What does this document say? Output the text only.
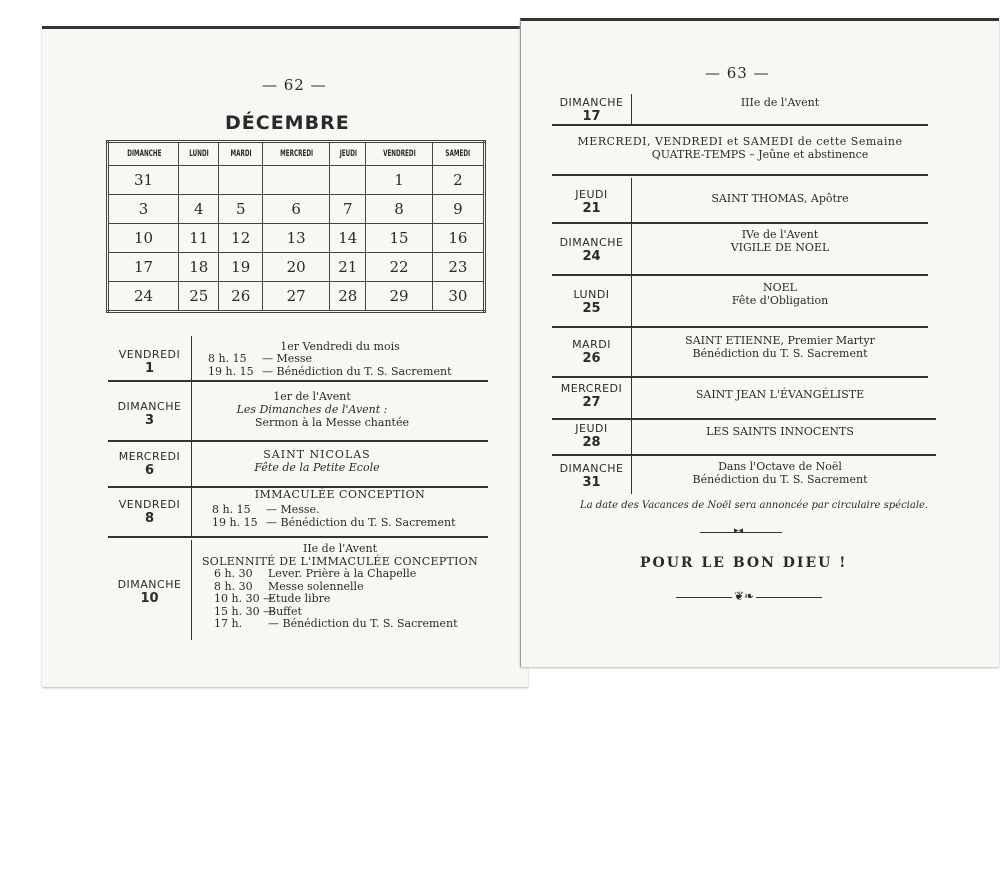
— 62 —
DÉCEMBRE
DIMANCHE	LUNDI	MARDI	MERCREDI	JEUDI	VENDREDI	SAMEDI
31					1	2
3	4	5	6	7	8	9
10	11	12	13	14	15	16
17	18	19	20	21	22	23
24	25	26	27	28	29	30
VENDREDI
1
1er Vendredi du mois
8 h. 15 — Messe
19 h. 15 — Bénédiction du T. S. Sacrement
DIMANCHE
3
1er de l'Avent
Les Dimanches de l'Avent :
Sermon à la Messe chantée
MERCREDI
6
SAINT NICOLAS
Fête de la Petite Ecole
VENDREDI
8
IMMACULÉE CONCEPTION
8 h. 15 — Messe.
19 h. 15 — Bénédiction du T. S. Sacrement
DIMANCHE
10
IIe de l'Avent
SOLENNITÉ DE L'IMMACULÉE CONCEPTION
6 h. 30 Lever. Prière à la Chapelle
8 h. 30 Messe solennelle
10 h. 30 —Etude libre
15 h. 30 —Buffet
17 h. — Bénédiction du T. S. Sacrement
— 63 —
DIMANCHE
17
IIIe de l'Avent
MERCREDI, VENDREDI et SAMEDI de cette Semaine
QUATRE-TEMPS – Jeûne et abstinence
JEUDI
21
SAINT THOMAS, Apôtre
DIMANCHE
24
IVe de l'Avent
VIGILE DE NOEL
LUNDI
25
NOEL
Fête d'Obligation
MARDI
26
SAINT ETIENNE, Premier Martyr
Bénédiction du T. S. Sacrement
MERCREDI
27
SAINT JEAN L'ÉVANGÉLISTE
JEUDI
28
LES SAINTS INNOCENTS
DIMANCHE
31
Dans l'Octave de Noël
Bénédiction du T. S. Sacrement
La date des Vacances de Noël sera annoncée par circulaire spéciale.
▸◂
POUR LE BON DIEU !
❦❧
